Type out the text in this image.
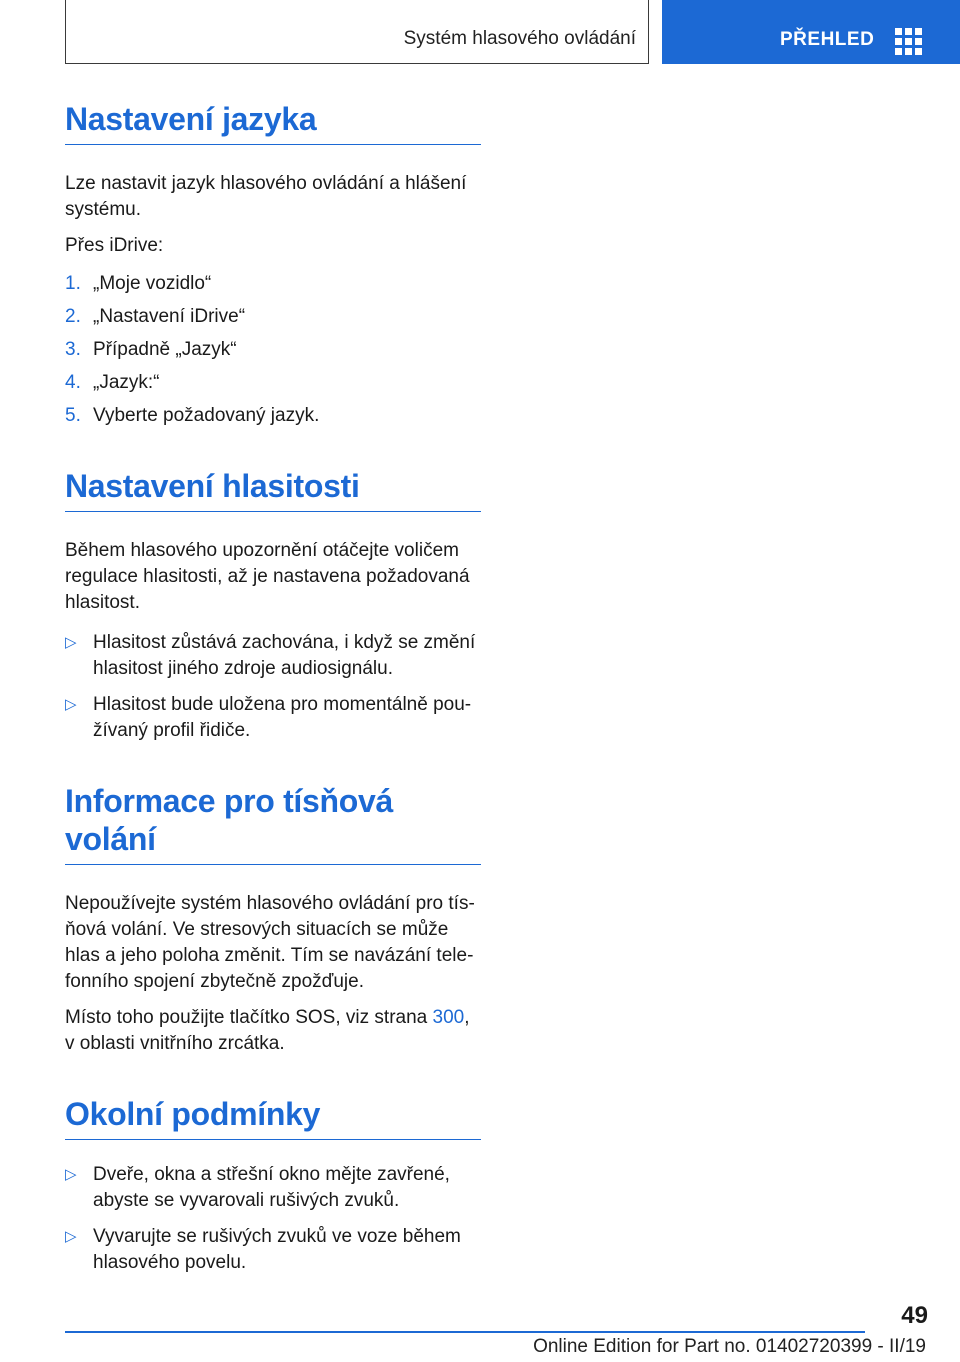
Systém hlasového ovládání	PŘEHLED
Nastavení jazyka

Lze nastavit jazyk hlasového ovládání a hlášení systému.

Přes iDrive:

1. „Moje vozidlo“
2. „Nastavení iDrive“
3. Případně „Jazyk“
4. „Jazyk:“
5. Vyberte požadovaný jazyk.
Nastavení hlasitosti

Během hlasového upozornění otáčejte voličem regulace hlasitosti, až je nastavena požadovaná hlasitost.

▷ Hlasitost zůstává zachována, i když se změní hlasitost jiného zdroje audiosignálu.
▷ Hlasitost bude uložena pro momentálně používaný profil řidiče.
Informace pro tísňová volání

Nepoužívejte systém hlasového ovládání pro tísňová volání. Ve stresových situacích se může hlas a jeho poloha změnit. Tím se navázání telefonního spojení zbytečně zpožďuje.

Místo toho použijte tlačítko SOS, viz strana 300, v oblasti vnitřního zrcátka.

Okolní podmínky
▷ Dveře, okna a střešní okno mějte zavřené, abyste se vyvarovali rušivých zvuků.
▷ Vyvarujte se rušivých zvuků ve voze během hlasového povelu.
49
Online Edition for Part no. 01402720399 - II/19
